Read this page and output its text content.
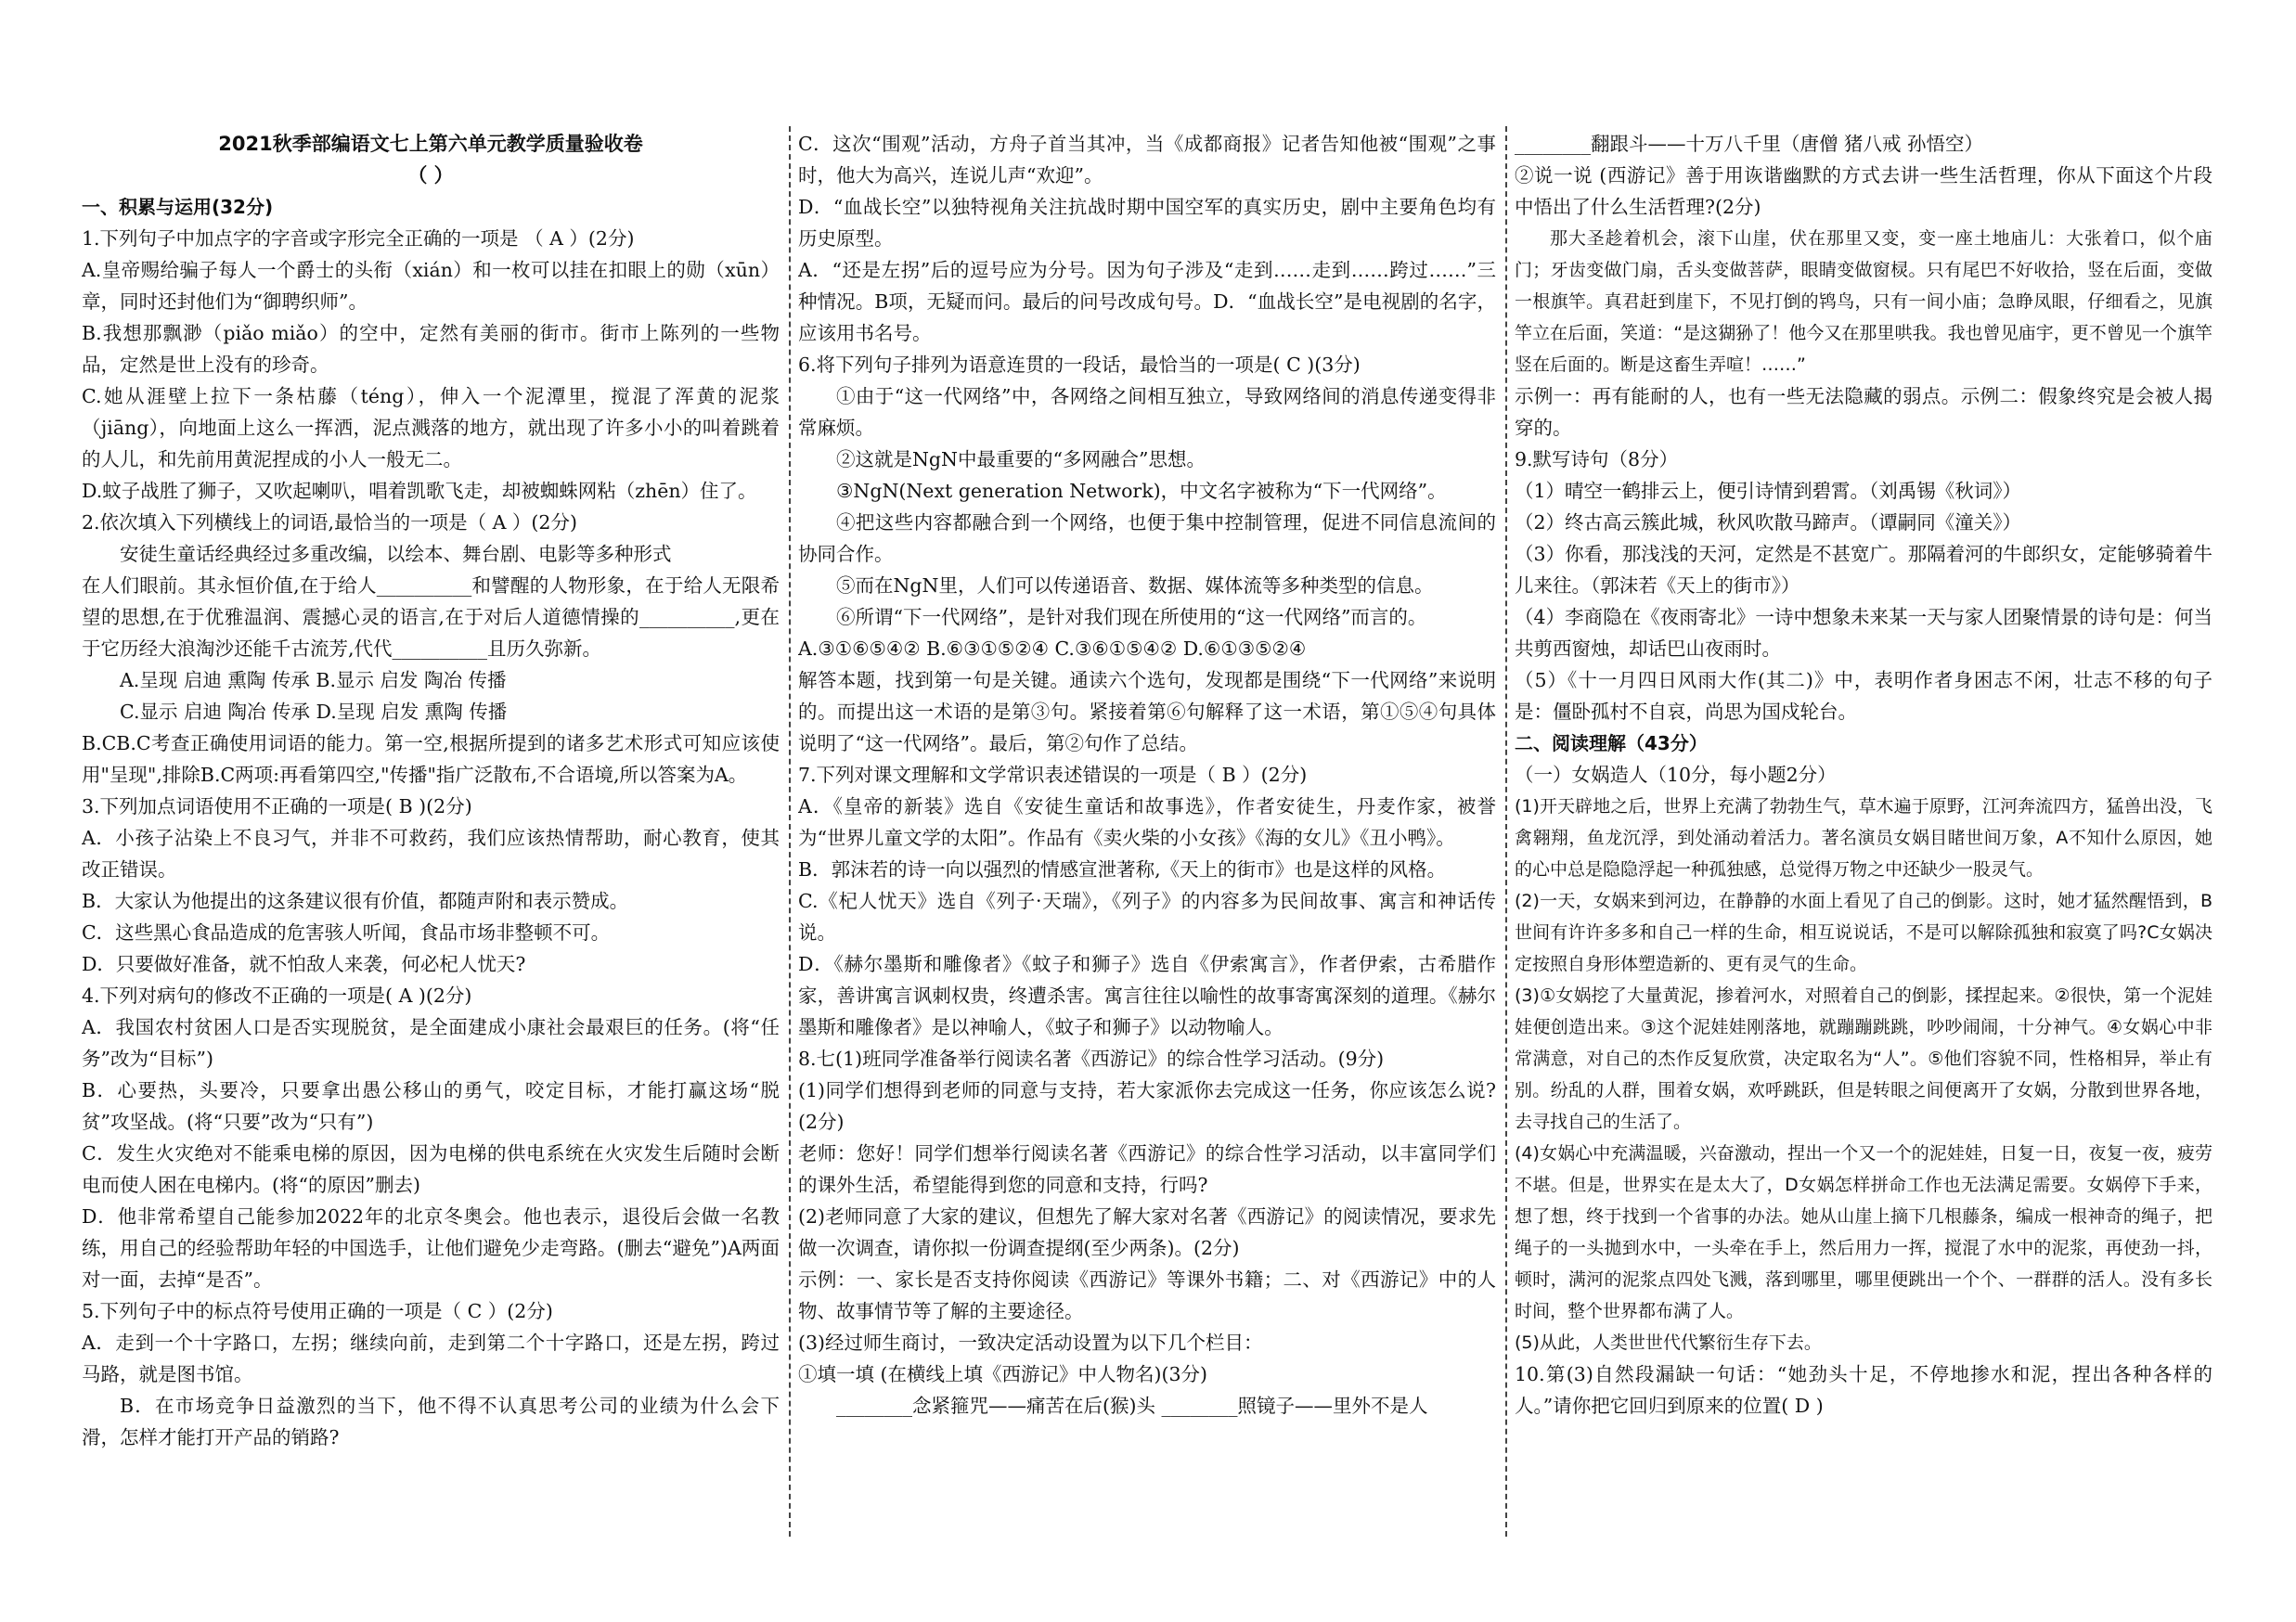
2021秋季部编语文七上第六单元教学质量验收卷

（ ）

一、积累与运用(32分)

1.下列句子中加点字的字音或字形完全正确的一项是 （ A ）(2分)

A.皇帝赐给骗子每人一个爵士的头衔（xián）和一枚可以挂在扣眼上的勋（xūn）章，同时还封他们为“御聘织师”。

B.我想那飘渺（piǎo miǎo）的空中，定然有美丽的街市。街市上陈列的一些物品，定然是世上没有的珍奇。

C.她从涯壁上拉下一条枯藤（téng），伸入一个泥潭里，搅混了浑黄的泥浆（jiāng），向地面上这么一挥洒，泥点溅落的地方，就出现了许多小小的叫着跳着的人儿，和先前用黄泥捏成的小人一般无二。

D.蚊子战胜了狮子，又吹起喇叭，唱着凯歌飞走，却被蜘蛛网粘（zhēn）住了。

2.依次填入下列横线上的词语,最恰当的一项是（ A ）(2分)

安徒生童话经典经过多重改编，以绘本、舞台剧、电影等多种形式

在人们眼前。其永恒价值,在于给人__________和譬醒的人物形象，在于给人无限希望的思想,在于优雅温润、震撼心灵的语言,在于对后人道德情操的__________,更在于它历经大浪淘沙还能千古流芳,代代__________且历久弥新。

A.呈现 启迪 熏陶 传承 B.显示 启发 陶冶 传播

C.显示 启迪 陶冶 传承 D.呈现 启发 熏陶 传播

B.CB.C考查正确使用词语的能力。第一空,根据所提到的诸多艺术形式可知应该使用"呈现",排除B.C两项:再看第四空,"传播"指广泛散布,不合语境,所以答案为A。

3.下列加点词语使用不正确的一项是( B )(2分)

A．小孩子沾染上不良习气，并非不可救药，我们应该热情帮助，耐心教育，使其改正错误。

B．大家认为他提出的这条建议很有价值，都随声附和表示赞成。

C．这些黑心食品造成的危害骇人听闻，食品市场非整顿不可。

D．只要做好准备，就不怕敌人来袭，何必杞人忧天?

4.下列对病句的修改不正确的一项是( A )(2分)

A．我国农村贫困人口是否实现脱贫，是全面建成小康社会最艰巨的任务。(将“任务”改为“目标”)

B．心要热，头要冷，只要拿出愚公移山的勇气，咬定目标，才能打赢这场“脱贫”攻坚战。(将“只要”改为“只有”)

C．发生火灾绝对不能乘电梯的原因，因为电梯的供电系统在火灾发生后随时会断电而使人困在电梯内。(将“的原因”删去)

D．他非常希望自己能参加2022年的北京冬奥会。他也表示，退役后会做一名教练，用自己的经验帮助年轻的中国选手，让他们避免少走弯路。(删去“避免”)A两面对一面，去掉“是否”。

5.下列句子中的标点符号使用正确的一项是（ C ）(2分)

A．走到一个十字路口，左拐；继续向前，走到第二个十字路口，还是左拐，跨过马路，就是图书馆。

B．在市场竞争日益激烈的当下，他不得不认真思考公司的业绩为什么会下滑，怎样才能打开产品的销路?

C．这次“围观”活动，方舟子首当其冲，当《成都商报》记者告知他被“围观”之事时，他大为高兴，连说儿声“欢迎”。

D．“血战长空”以独特视角关注抗战时期中国空军的真实历史，剧中主要角色均有历史原型。

A．“还是左拐”后的逗号应为分号。因为句子涉及“走到……走到……跨过……”三种情况。B项，无疑而问。最后的问号改成句号。D．“血战长空”是电视剧的名字，应该用书名号。

6.将下列句子排列为语意连贯的一段话，最恰当的一项是( C )(3分)

①由于“这一代网络”中，各网络之间相互独立，导致网络间的消息传递变得非常麻烦。

②这就是NgN中最重要的“多网融合”思想。

③NgN(Next generation Network)，中文名字被称为“下一代网络”。

④把这些内容都融合到一个网络，也便于集中控制管理，促进不同信息流间的协同合作。

⑤而在NgN里，人们可以传递语音、数据、媒体流等多种类型的信息。

⑥所谓“下一代网络”，是针对我们现在所使用的“这一代网络”而言的。

A.③①⑥⑤④② B.⑥③①⑤②④ C.③⑥①⑤④② D.⑥①③⑤②④

解答本题，找到第一句是关键。通读六个选句，发现都是围绕“下一代网络”来说明的。而提出这一术语的是第③句。紧接着第⑥句解释了这一术语，第①⑤④句具体说明了“这一代网络”。最后，第②句作了总结。

7.下列对课文理解和文学常识表述错误的一项是（ B ）(2分)

A．《皇帝的新装》选自《安徒生童话和故事选》，作者安徒生，丹麦作家，被誉为“世界儿童文学的太阳”。作品有《卖火柴的小女孩》《海的女儿》《丑小鸭》。

B．郭沫若的诗一向以强烈的情感宣泄著称,《天上的街市》也是这样的风格。

C.《杞人忧天》选自《列子·天瑞》，《列子》的内容多为民间故事、寓言和神话传说。

D．《赫尔墨斯和雕像者》《蚊子和狮子》选自《伊索寓言》，作者伊索，古希腊作家，善讲寓言讽刺权贵，终遭杀害。寓言往往以喻性的故事寄寓深刻的道理。《赫尔墨斯和雕像者》是以神喻人，《蚊子和狮子》以动物喻人。

8.七(1)班同学准备举行阅读名著《西游记》的综合性学习活动。(9分)

(1)同学们想得到老师的同意与支持，若大家派你去完成这一任务，你应该怎么说?(2分)

老师：您好！同学们想举行阅读名著《西游记》的综合性学习活动，以丰富同学们的课外生活，希望能得到您的同意和支持，行吗?

(2)老师同意了大家的建议，但想先了解大家对名著《西游记》的阅读情况，要求先做一次调查，请你拟一份调查提纲(至少两条)。(2分)

示例：一、家长是否支持你阅读《西游记》等课外书籍；二、对《西游记》中的人物、故事情节等了解的主要途径。

(3)经过师生商讨，一致决定活动设置为以下几个栏目：

①填一填 (在横线上填《西游记》中人物名)(3分)

________念紧箍咒——痛苦在后(猴)头 ________照镜子——里外不是人

________翻跟斗——十万八千里（唐僧 猪八戒 孙悟空）

②说一说 (西游记》善于用诙谐幽默的方式去讲一些生活哲理，你从下面这个片段中悟出了什么生活哲理?(2分)

那大圣趁着机会，滚下山崖，伏在那里又变，变一座土地庙儿：大张着口，似个庙门；牙齿变做门扇，舌头变做菩萨，眼睛变做窗棂。只有尾巴不好收拾，竖在后面，变做一根旗竿。真君赶到崖下，不见打倒的鸨鸟，只有一间小庙；急睁凤眼，仔细看之，见旗竿立在后面，笑道：“是这猢狲了！他今又在那里哄我。我也曾见庙宇，更不曾见一个旗竿竖在后面的。断是这畜生弄喧！……”

示例一：再有能耐的人，也有一些无法隐藏的弱点。示例二：假象终究是会被人揭穿的。

9.默写诗句（8分）

（1）晴空一鹤排云上，便引诗情到碧霄。（刘禹锡《秋词》）

（2）终古高云簇此城，秋风吹散马蹄声。（谭嗣同《潼关》）

（3）你看，那浅浅的天河，定然是不甚宽广。那隔着河的牛郎织女，定能够骑着牛儿来往。（郭沫若《天上的街市》）

（4）李商隐在《夜雨寄北》一诗中想象未来某一天与家人团聚情景的诗句是：何当共剪西窗烛，却话巴山夜雨时。

（5）《十一月四日风雨大作(其二)》中，表明作者身困志不闲，壮志不移的句子是：僵卧孤村不自哀，尚思为国戍轮台。

二、阅读理解（43分）

（一）女娲造人（10分，每小题2分）

(1)开天辟地之后，世界上充满了勃勃生气，草木遍于原野，江河奔流四方，猛兽出没，飞禽翱翔，鱼龙沉浮，到处涌动着活力。著名演员女娲目睹世间万象，A不知什么原因，她的心中总是隐隐浮起一种孤独感，总觉得万物之中还缺少一股灵气。

(2)一天，女娲来到河边，在静静的水面上看见了自己的倒影。这时，她才猛然醒悟到，B世间有许许多多和自己一样的生命，相互说说话，不是可以解除孤独和寂寞了吗?C女娲决定按照自身形体塑造新的、更有灵气的生命。

(3)①女娲挖了大量黄泥，掺着河水，对照着自己的倒影，揉捏起来。②很快，第一个泥娃娃便创造出来。③这个泥娃娃刚落地，就蹦蹦跳跳，吵吵闹闹，十分神气。④女娲心中非常满意，对自己的杰作反复欣赏，决定取名为“人”。⑤他们容貌不同，性格相异，举止有别。纷乱的人群，围着女娲，欢呼跳跃，但是转眼之间便离开了女娲，分散到世界各地，去寻找自己的生活了。

(4)女娲心中充满温暖，兴奋激动，捏出一个又一个的泥娃娃，日复一日，夜复一夜，疲劳不堪。但是，世界实在是太大了，D女娲怎样拼命工作也无法满足需要。女娲停下手来，想了想，终于找到一个省事的办法。她从山崖上摘下几根藤条，编成一根神奇的绳子，把绳子的一头拋到水中，一头牵在手上，然后用力一挥，搅混了水中的泥浆，再使劲一抖，顿时，满河的泥浆点四处飞溅，落到哪里，哪里便跳出一个个、一群群的活人。没有多长时间，整个世界都布满了人。

(5)从此，人类世世代代繁衍生存下去。

10.第(3)自然段漏缺一句话：“她劲头十足，不停地掺水和泥，捏出各种各样的人。”请你把它回归到原来的位置( D )
